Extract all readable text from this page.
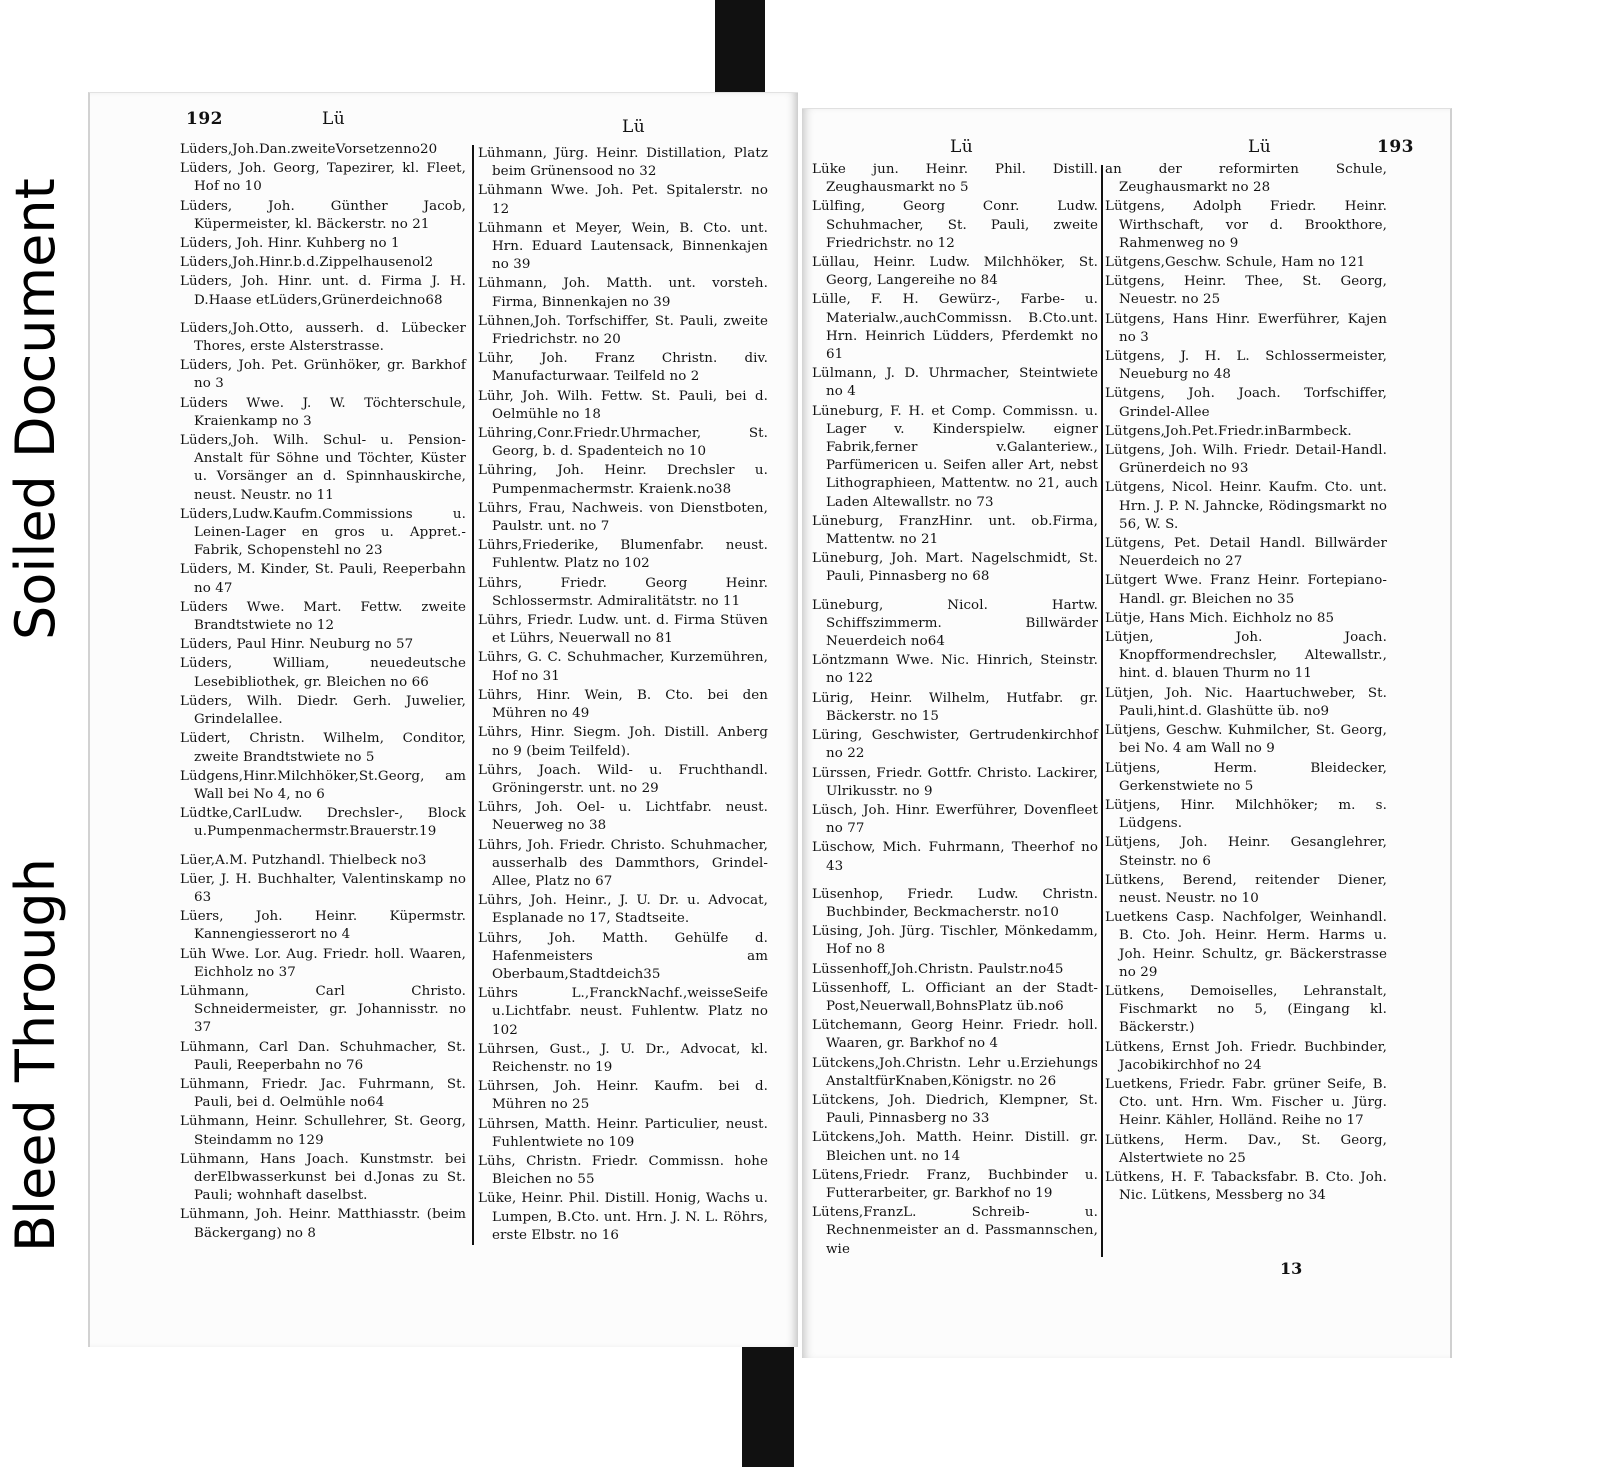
Soiled Document
Bleed Through
192	Lü	Lü

Lüders,Joh.Dan.zweiteVorsetzenno20

Lüders, Joh. Georg, Tapezirer, kl. Fleet, Hof no 10

Lüders, Joh. Günther Jacob, Küpermeister, kl. Bäckerstr. no 21

Lüders, Joh. Hinr. Kuhberg no 1

Lüders,Joh.Hinr.b.d.Zippelhausenol2

Lüders, Joh. Hinr. unt. d. Firma J. H. D.Haase etLüders,Grünerdeichno68

Lüders,Joh.Otto, ausserh. d. Lübecker Thores, erste Alsterstrasse.

Lüders, Joh. Pet. Grünhöker, gr. Barkhof no 3

Lüders Wwe. J. W. Töchterschule, Kraienkamp no 3

Lüders,Joh. Wilh. Schul- u. Pension-Anstalt für Söhne und Töchter, Küster u. Vorsänger an d. Spinnhauskirche, neust. Neustr. no 11

Lüders,Ludw.Kaufm.Commissions u. Leinen-Lager en gros u. Appret.-Fabrik, Schopenstehl no 23

Lüders, M. Kinder, St. Pauli, Reeperbahn no 47

Lüders Wwe. Mart. Fettw. zweite Brandtstwiete no 12

Lüders, Paul Hinr. Neuburg no 57

Lüders, William, neuedeutsche Lesebibliothek, gr. Bleichen no 66

Lüders, Wilh. Diedr. Gerh. Juwelier, Grindelallee.

Lüdert, Christn. Wilhelm, Conditor, zweite Brandtstwiete no 5

Lüdgens,Hinr.Milchhöker,St.Georg, am Wall bei No 4, no 6

Lüdtke,CarlLudw. Drechsler-, Block u.Pumpenmachermstr.Brauerstr.19

Lüer,A.M. Putzhandl. Thielbeck no3

Lüer, J. H. Buchhalter, Valentinskamp no 63

Lüers, Joh. Heinr. Küpermstr. Kannengiesserort no 4

Lüh Wwe. Lor. Aug. Friedr. holl. Waaren, Eichholz no 37

Lühmann, Carl Christo. Schneidermeister, gr. Johannisstr. no 37

Lühmann, Carl Dan. Schuhmacher, St. Pauli, Reeperbahn no 76

Lühmann, Friedr. Jac. Fuhrmann, St. Pauli, bei d. Oelmühle no64

Lühmann, Heinr. Schullehrer, St. Georg, Steindamm no 129

Lühmann, Hans Joach. Kunstmstr. bei derElbwasserkunst bei d.Jonas zu St. Pauli; wohnhaft daselbst.

Lühmann, Joh. Heinr. Matthiasstr. (beim Bäckergang) no 8

Lühmann, Jürg. Heinr. Distillation, Platz beim Grünensood no 32

Lühmann Wwe. Joh. Pet. Spitalerstr. no 12

Lühmann et Meyer, Wein, B. Cto. unt. Hrn. Eduard Lautensack, Binnenkajen no 39

Lühmann, Joh. Matth. unt. vorsteh. Firma, Binnenkajen no 39

Lühnen,Joh. Torfschiffer, St. Pauli, zweite Friedrichstr. no 20

Lühr, Joh. Franz Christn. div. Manufacturwaar. Teilfeld no 2

Lühr, Joh. Wilh. Fettw. St. Pauli, bei d. Oelmühle no 18

Lühring,Conr.Friedr.Uhrmacher, St. Georg, b. d. Spadenteich no 10

Lühring, Joh. Heinr. Drechsler u. Pumpenmachermstr. Kraienk.no38

Lührs, Frau, Nachweis. von Dienstboten, Paulstr. unt. no 7

Lührs,Friederike, Blumenfabr. neust. Fuhlentw. Platz no 102

Lührs, Friedr. Georg Heinr. Schlossermstr. Admiralitätstr. no 11

Lührs, Friedr. Ludw. unt. d. Firma Stüven et Lührs, Neuerwall no 81

Lührs, G. C. Schuhmacher, Kurzemühren, Hof no 31

Lührs, Hinr. Wein, B. Cto. bei den Mühren no 49

Lührs, Hinr. Siegm. Joh. Distill. Anberg no 9 (beim Teilfeld).

Lührs, Joach. Wild- u. Fruchthandl. Gröningerstr. unt. no 29

Lührs, Joh. Oel- u. Lichtfabr. neust. Neuerweg no 38

Lührs, Joh. Friedr. Christo. Schuhmacher, ausserhalb des Dammthors, Grindel-Allee, Platz no 67

Lührs, Joh. Heinr., J. U. Dr. u. Advocat, Esplanade no 17, Stadtseite.

Lührs, Joh. Matth. Gehülfe d. Hafenmeisters am Oberbaum,Stadtdeich35

Lührs L.,FranckNachf.,weisseSeife u.Lichtfabr. neust. Fuhlentw. Platz no 102

Lührsen, Gust., J. U. Dr., Advocat, kl. Reichenstr. no 19

Lührsen, Joh. Heinr. Kaufm. bei d. Mühren no 25

Lührsen, Matth. Heinr. Particulier, neust. Fuhlentwiete no 109

Lühs, Christn. Friedr. Commissn. hohe Bleichen no 55

Lüke, Heinr. Phil. Distill. Honig, Wachs u. Lumpen, B.Cto. unt. Hrn. J. N. L. Röhrs, erste Elbstr. no 16

Lü	Lü	193

Lüke jun. Heinr. Phil. Distill. Zeughausmarkt no 5

Lülfing, Georg Conr. Ludw. Schuhmacher, St. Pauli, zweite Friedrichstr. no 12

Lüllau, Heinr. Ludw. Milchhöker, St. Georg, Langereihe no 84

Lülle, F. H. Gewürz-, Farbe- u. Materialw.,auchCommissn. B.Cto.unt. Hrn. Heinrich Lüdders, Pferdemkt no 61

Lülmann, J. D. Uhrmacher, Steintwiete no 4

Lüneburg, F. H. et Comp. Commissn. u. Lager v. Kinderspielw. eigner Fabrik,ferner v.Galanteriew., Parfümericen u. Seifen aller Art, nebst Lithographieen, Mattentw. no 21, auch Laden Altewallstr. no 73

Lüneburg, FranzHinr. unt. ob.Firma, Mattentw. no 21

Lüneburg, Joh. Mart. Nagelschmidt, St. Pauli, Pinnasberg no 68

Lüneburg, Nicol. Hartw. Schiffszimmerm. Billwärder Neuerdeich no64

Löntzmann Wwe. Nic. Hinrich, Steinstr. no 122

Lürig, Heinr. Wilhelm, Hutfabr. gr. Bäckerstr. no 15

Lüring, Geschwister, Gertrudenkirchhof no 22

Lürssen, Friedr. Gottfr. Christo. Lackirer, Ulrikusstr. no 9

Lüsch, Joh. Hinr. Ewerführer, Dovenfleet no 77

Lüschow, Mich. Fuhrmann, Theerhof no 43

Lüsenhop, Friedr. Ludw. Christn. Buchbinder, Beckmacherstr. no10

Lüsing, Joh. Jürg. Tischler, Mönkedamm, Hof no 8

Lüssenhoff,Joh.Christn. Paulstr.no45

Lüssenhoff, L. Officiant an der Stadt-Post,Neuerwall,BohnsPlatz üb.no6

Lütchemann, Georg Heinr. Friedr. holl. Waaren, gr. Barkhof no 4

Lütckens,Joh.Christn. Lehr u.Erziehungs AnstaltfürKnaben,Königstr. no 26

Lütckens, Joh. Diedrich, Klempner, St. Pauli, Pinnasberg no 33

Lütckens,Joh. Matth. Heinr. Distill. gr. Bleichen unt. no 14

Lütens,Friedr. Franz, Buchbinder u. Futterarbeiter, gr. Barkhof no 19

Lütens,FranzL. Schreib- u. Rechnenmeister an d. Passmannschen, wie

an der reformirten Schule, Zeughausmarkt no 28

Lütgens, Adolph Friedr. Heinr. Wirthschaft, vor d. Brookthore, Rahmenweg no 9

Lütgens,Geschw. Schule, Ham no 121

Lütgens, Heinr. Thee, St. Georg, Neuestr. no 25

Lütgens, Hans Hinr. Ewerführer, Kajen no 3

Lütgens, J. H. L. Schlossermeister, Neueburg no 48

Lütgens, Joh. Joach. Torfschiffer, Grindel-Allee

Lütgens,Joh.Pet.Friedr.inBarmbeck.

Lütgens, Joh. Wilh. Friedr. Detail-Handl. Grünerdeich no 93

Lütgens, Nicol. Heinr. Kaufm. Cto. unt. Hrn. J. P. N. Jahncke, Rödingsmarkt no 56, W. S.

Lütgens, Pet. Detail Handl. Billwärder Neuerdeich no 27

Lütgert Wwe. Franz Heinr. Fortepiano-Handl. gr. Bleichen no 35

Lütje, Hans Mich. Eichholz no 85

Lütjen, Joh. Joach. Knopfformendrechsler, Altewallstr., hint. d. blauen Thurm no 11

Lütjen, Joh. Nic. Haartuchweber, St. Pauli,hint.d. Glashütte üb. no9

Lütjens, Geschw. Kuhmilcher, St. Georg, bei No. 4 am Wall no 9

Lütjens, Herm. Bleidecker, Gerkenstwiete no 5

Lütjens, Hinr. Milchhöker; m. s. Lüdgens.

Lütjens, Joh. Heinr. Gesanglehrer, Steinstr. no 6

Lütkens, Berend, reitender Diener, neust. Neustr. no 10

Luetkens Casp. Nachfolger, Weinhandl. B. Cto. Joh. Heinr. Herm. Harms u. Joh. Heinr. Schultz, gr. Bäckerstrasse no 29

Lütkens, Demoiselles, Lehranstalt, Fischmarkt no 5, (Eingang kl. Bäckerstr.)

Lütkens, Ernst Joh. Friedr. Buchbinder, Jacobikirchhof no 24

Luetkens, Friedr. Fabr. grüner Seife, B. Cto. unt. Hrn. Wm. Fischer u. Jürg. Heinr. Kähler, Holländ. Reihe no 17

Lütkens, Herm. Dav., St. Georg, Alstertwiete no 25

Lütkens, H. F. Tabacksfabr. B. Cto. Joh. Nic. Lütkens, Messberg no 34

13
